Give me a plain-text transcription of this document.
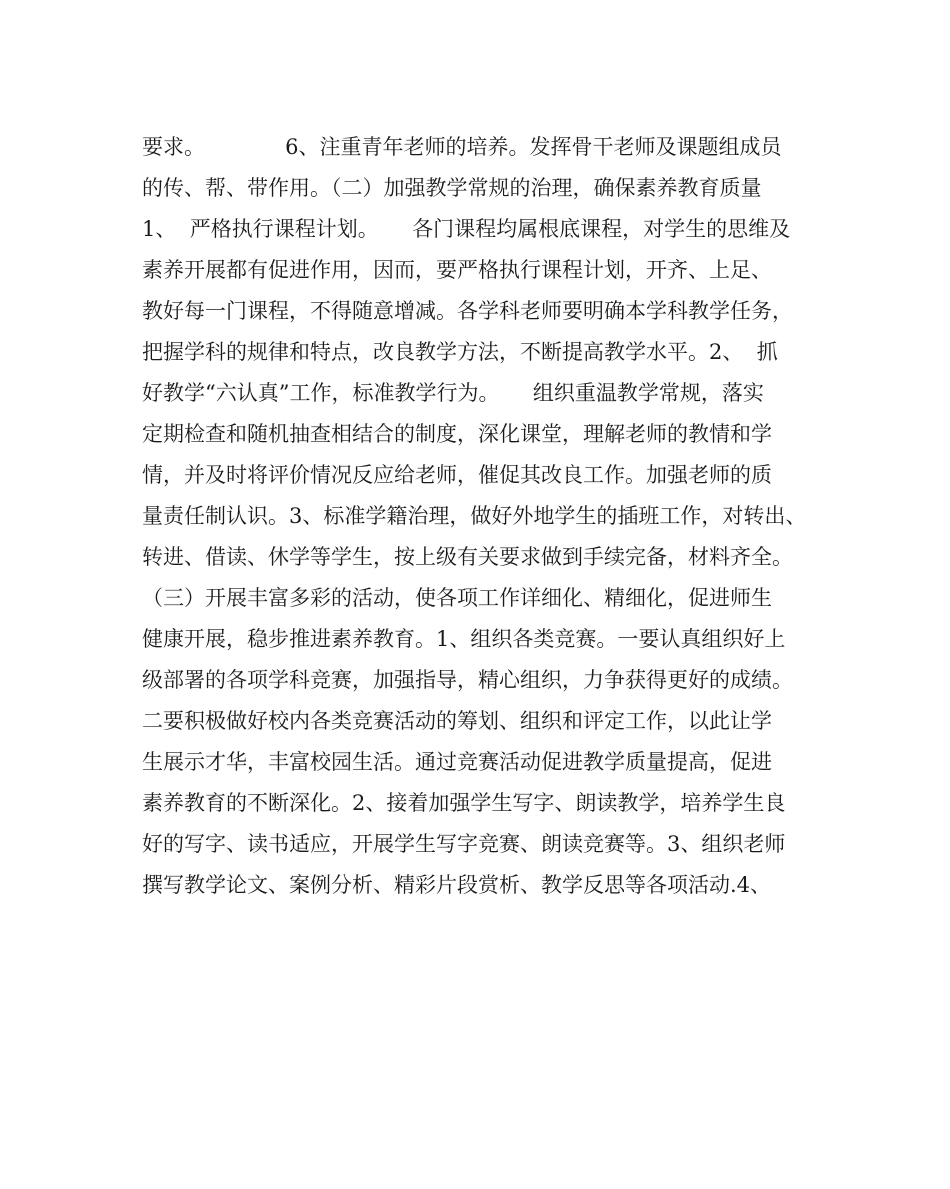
要求。            6、注重青年老师的培养。发挥骨干老师及课题组成员
的传、帮、带作用。（二）加强教学常规的治理，确保素养教育质量
1、  严格执行课程计划。     各门课程均属根底课程，对学生的思维及
素养开展都有促进作用，因而，要严格执行课程计划，开齐、上足、
教好每一门课程，不得随意增减。各学科老师要明确本学科教学任务，
把握学科的规律和特点，改良教学方法，不断提高教学水平。2、  抓
好教学“六认真”工作，标准教学行为。     组织重温教学常规，落实
定期检查和随机抽查相结合的制度，深化课堂，理解老师的教情和学
情，并及时将评价情况反应给老师，催促其改良工作。加强老师的质
量责任制认识。3、标准学籍治理，做好外地学生的插班工作，对转出、
转进、借读、休学等学生，按上级有关要求做到手续完备，材料齐全。
（三）开展丰富多彩的活动，使各项工作详细化、精细化，促进师生
健康开展，稳步推进素养教育。1、组织各类竞赛。一要认真组织好上
级部署的各项学科竞赛，加强指导，精心组织，力争获得更好的成绩。
二要积极做好校内各类竞赛活动的筹划、组织和评定工作，以此让学
生展示才华，丰富校园生活。通过竞赛活动促进教学质量提高，促进
素养教育的不断深化。2、接着加强学生写字、朗读教学，培养学生良
好的写字、读书适应，开展学生写字竞赛、朗读竞赛等。3、组织老师
撰写教学论文、案例分析、精彩片段赏析、教学反思等各项活动.4、
